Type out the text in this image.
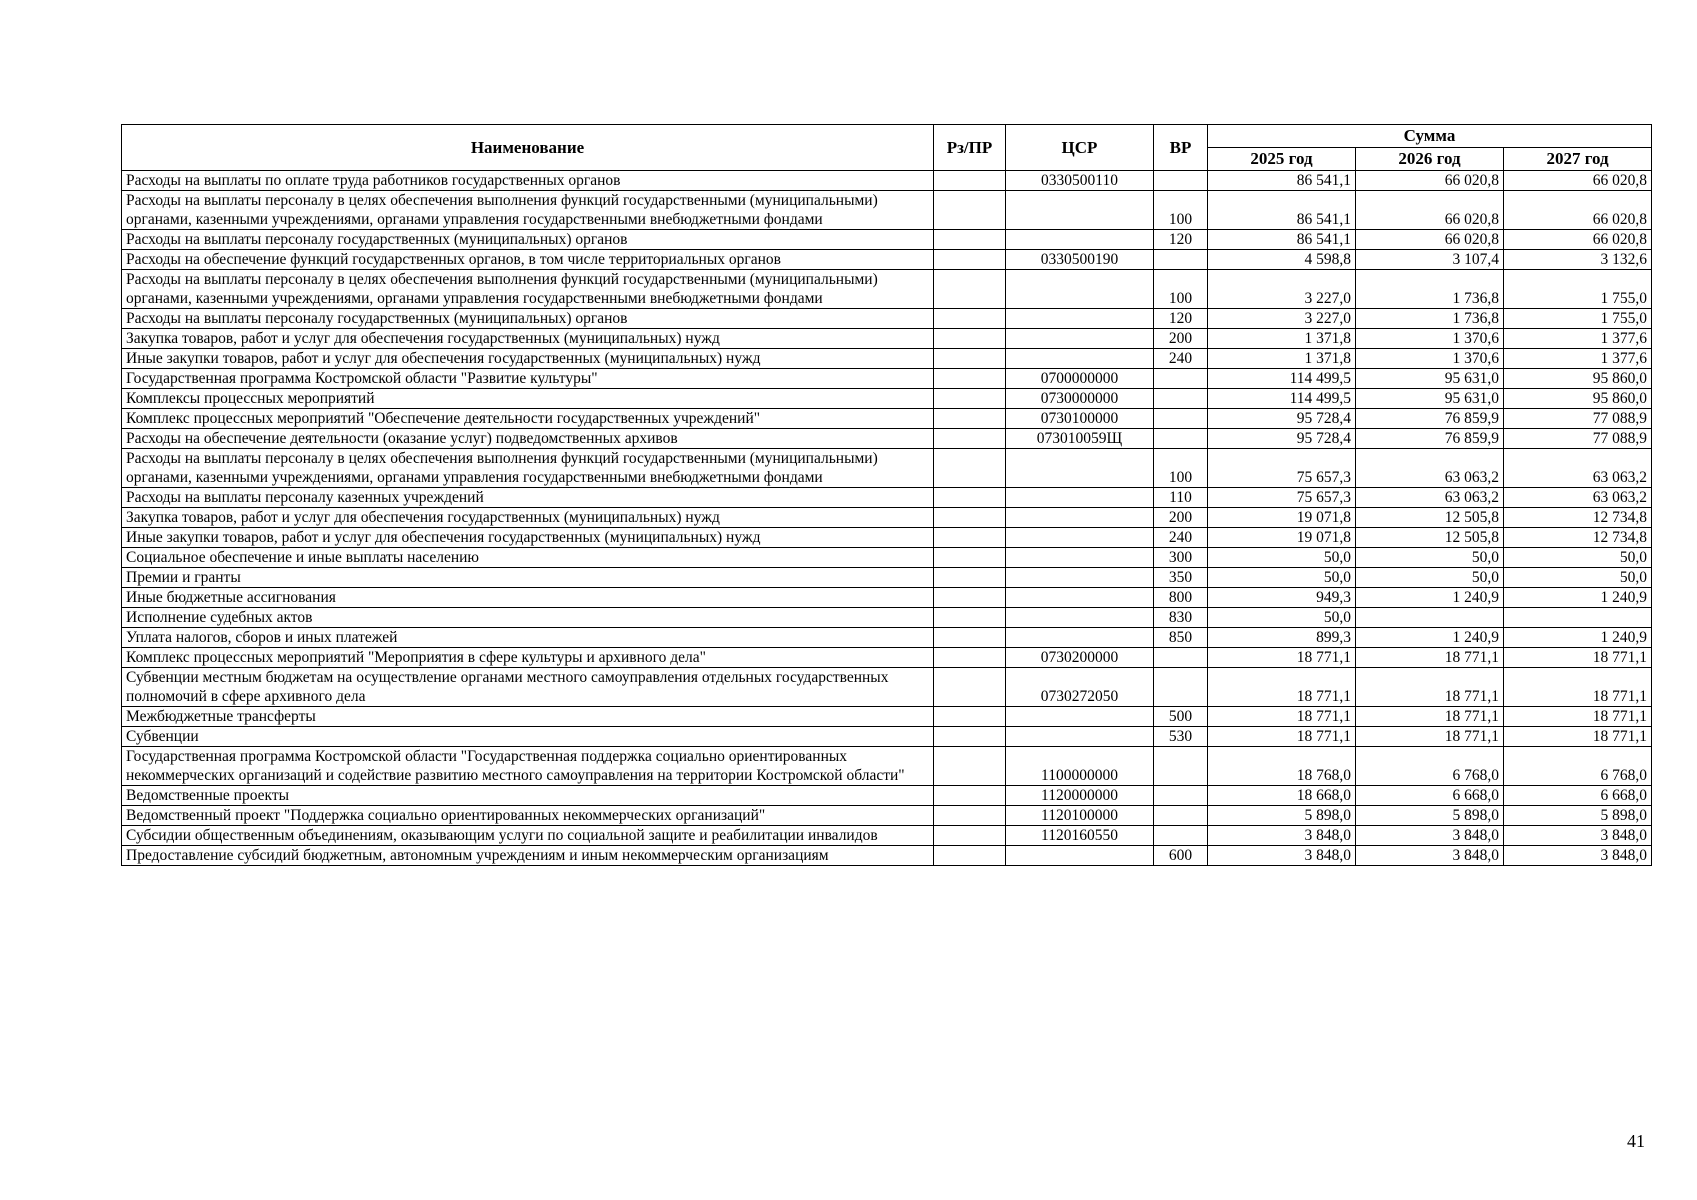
Наименование	Рз/ПР	ЦСР	ВР	Сумма		
				2025 год	2026 год	2027 год
Расходы на выплаты по оплате труда работников государственных органов		0330500110		86 541,1	66 020,8	66 020,8
Расходы на выплаты персоналу в целях обеспечения выполнения функций государственными (муниципальными) органами, казенными учреждениями, органами управления государственными внебюджетными фондами			100	86 541,1	66 020,8	66 020,8
Расходы на выплаты персоналу государственных (муниципальных) органов			120	86 541,1	66 020,8	66 020,8
Расходы на обеспечение функций государственных органов, в том числе территориальных органов		0330500190		4 598,8	3 107,4	3 132,6
Расходы на выплаты персоналу в целях обеспечения выполнения функций государственными (муниципальными) органами, казенными учреждениями, органами управления государственными внебюджетными фондами			100	3 227,0	1 736,8	1 755,0
Расходы на выплаты персоналу государственных (муниципальных) органов			120	3 227,0	1 736,8	1 755,0
Закупка товаров, работ и услуг для обеспечения государственных (муниципальных) нужд			200	1 371,8	1 370,6	1 377,6
Иные закупки товаров, работ и услуг для обеспечения государственных (муниципальных) нужд			240	1 371,8	1 370,6	1 377,6
Государственная программа Костромской области "Развитие культуры"		0700000000		114 499,5	95 631,0	95 860,0
Комплексы процессных мероприятий		0730000000		114 499,5	95 631,0	95 860,0
Комплекс процессных мероприятий "Обеспечение деятельности государственных учреждений"		0730100000		95 728,4	76 859,9	77 088,9
Расходы на обеспечение деятельности (оказание услуг) подведомственных архивов		073010059Щ		95 728,4	76 859,9	77 088,9
Расходы на выплаты персоналу в целях обеспечения выполнения функций государственными (муниципальными) органами, казенными учреждениями, органами управления государственными внебюджетными фондами			100	75 657,3	63 063,2	63 063,2
Расходы на выплаты персоналу казенных учреждений			110	75 657,3	63 063,2	63 063,2
Закупка товаров, работ и услуг для обеспечения государственных (муниципальных) нужд			200	19 071,8	12 505,8	12 734,8
Иные закупки товаров, работ и услуг для обеспечения государственных (муниципальных) нужд			240	19 071,8	12 505,8	12 734,8
Социальное обеспечение и иные выплаты населению			300	50,0	50,0	50,0
Премии и гранты			350	50,0	50,0	50,0
Иные бюджетные ассигнования			800	949,3	1 240,9	1 240,9
Исполнение судебных актов			830	50,0		
Уплата налогов, сборов и иных платежей			850	899,3	1 240,9	1 240,9
Комплекс процессных мероприятий "Мероприятия в сфере культуры и архивного дела"		0730200000		18 771,1	18 771,1	18 771,1
Субвенции местным бюджетам на осуществление органами местного самоуправления отдельных государственных полномочий в сфере архивного дела		0730272050		18 771,1	18 771,1	18 771,1
Межбюджетные трансферты			500	18 771,1	18 771,1	18 771,1
Субвенции			530	18 771,1	18 771,1	18 771,1
Государственная программа Костромской области "Государственная поддержка социально ориентированных некоммерческих организаций и содействие развитию местного самоуправления на территории Костромской области"		1100000000		18 768,0	6 768,0	6 768,0
Ведомственные проекты		1120000000		18 668,0	6 668,0	6 668,0
Ведомственный проект "Поддержка социально ориентированных некоммерческих организаций"		1120100000		5 898,0	5 898,0	5 898,0
Субсидии общественным объединениям, оказывающим услуги по социальной защите и реабилитации инвалидов		1120160550		3 848,0	3 848,0	3 848,0
Предоставление субсидий бюджетным, автономным учреждениям и иным некоммерческим организациям			600	3 848,0	3 848,0	3 848,0
41
